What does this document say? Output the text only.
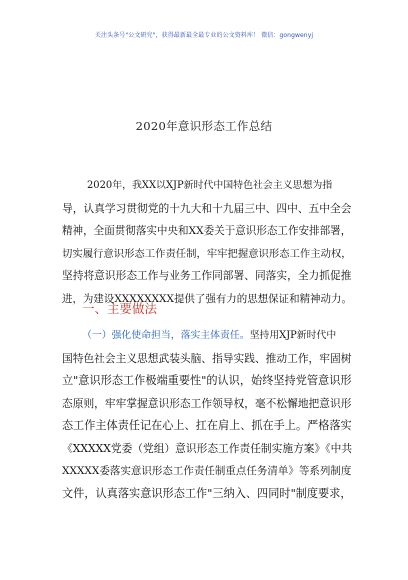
关注头条号"公文研究"，获得最新最全最专业的公文资料库！ 微信：gongwenyj
2020年意识形态工作总结
2020年，我XX以XJP新时代中国特色社会主义思想为指
导，认真学习贯彻党的十九大和十九届三中、四中、五中全会
精神，全面贯彻落实中央和XX委关于意识形态工作安排部署，
切实履行意识形态工作责任制，牢牢把握意识形态工作主动权，
坚持将意识形态工作与业务工作同部署、同落实，全力抓促推
进，为建设XXXXXXXX提供了强有力的思想保证和精神动力。
一、主要做法
（一）强化使命担当，落实主体责任。坚持用XJP新时代中
国特色社会主义思想武装头脑、指导实践、推动工作，牢固树
立"意识形态工作极端重要性"的认识，始终坚持党管意识形
态原则，牢牢掌握意识形态工作领导权，毫不松懈地把意识形
态工作主体责任记在心上、扛在肩上、抓在手上。严格落实
《XXXXX党委（党组）意识形态工作责任制实施方案》《中共
XXXXX委落实意识形态工作责任制重点任务清单》等系列制度
文件，认真落实意识形态工作"三纳入、四同时"制度要求，
